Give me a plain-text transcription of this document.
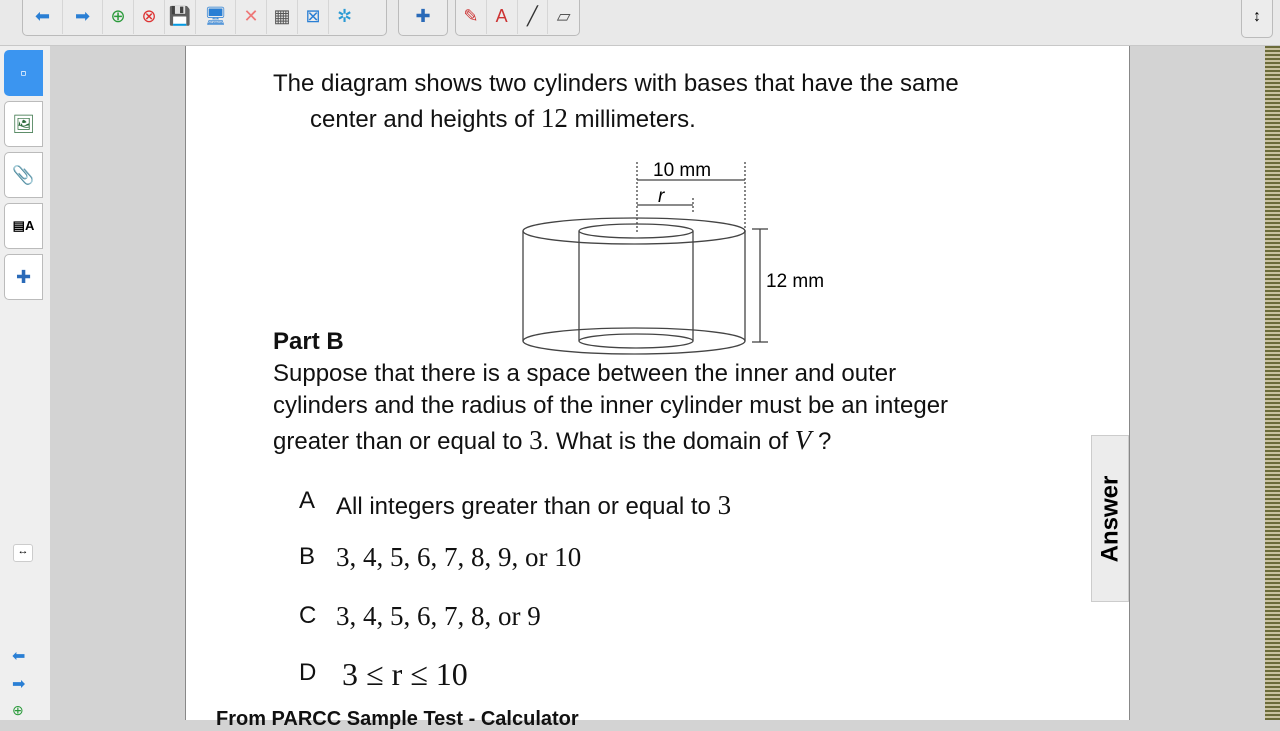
⬅	➡	⊕ ⊗ 💾 🖥 ✕ ▦ ⊠ ✲	✚	✎ A	╱	▱	↕
▫
🖼
📎
▤A
✚
↔
⬅
➡
⊕
The diagram shows two cylinders with bases that have the same
center and heights of 12 millimeters.
10 mm
r
12 mm
Part B
Suppose that there is a space between the inner and outer
cylinders and the radius of the inner cylinder must be an integer
greater than or equal to 3. What is the domain of V ?
A All integers greater than or equal to 3
B 3, 4, 5, 6, 7, 8, 9, or 10
C 3, 4, 5, 6, 7, 8, or 9
D 3 ≤ r ≤ 10
From PARCC Sample Test - Calculator
Answer
